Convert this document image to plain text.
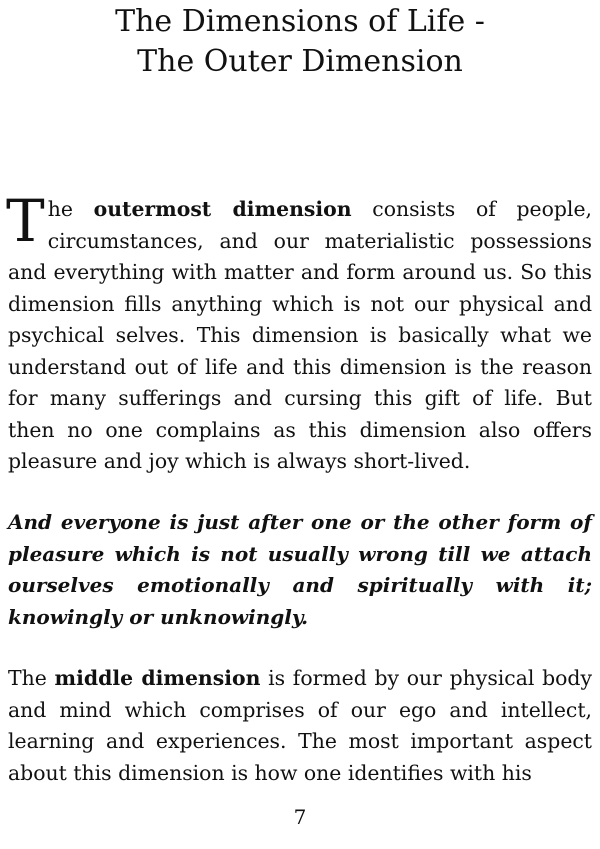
The Dimensions of Life -
The Outer Dimension

The outermost dimension consists of people, circumstances, and our materialistic possessions and everything with matter and form around us. So this dimension fills anything which is not our physical and psychical selves. This dimension is basically what we understand out of life and this dimension is the reason for many sufferings and cursing this gift of life. But then no one complains as this dimension also offers pleasure and joy which is always short-lived.

And everyone is just after one or the other form of pleasure which is not usually wrong till we attach ourselves emotionally and spiritually with it; knowingly or unknowingly.

The middle dimension is formed by our physical body and mind which comprises of our ego and intellect, learning and experiences. The most important aspect about this dimension is how one identifies with his

7
